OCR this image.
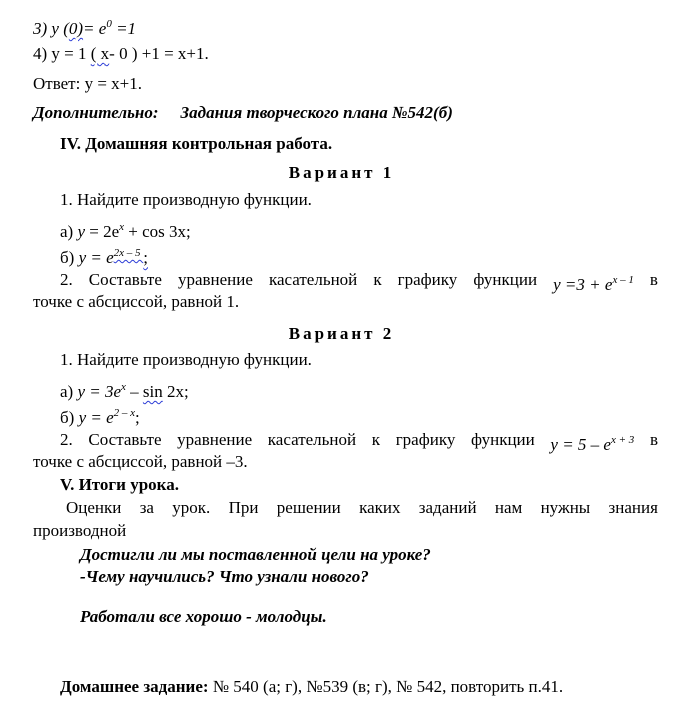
3) y $(0)= e^0 =1$
4) y = 1 ( x- 0 ) +1 = x+1.
Ответ: y = x+1.
Дополнительно: Задания творческого плана №542(б)
IV. Домашняя контрольная работа.
Вариант 1
1. Найдите производную функции.
а) $y = 2e^x + \cos 3x$;
б) $y = e^{2x - 5}$ ;
2. Составьте уравнение касательной к графику функции $y =3 + e^{x - 1}$ в
точке с абсциссой, равной 1.
Вариант 2
1. Найдите производную функции.
а) $y = 3e^x - \sin 2x$;
б) $y = e^{2 - x}$;
2. Составьте уравнение касательной к графику функции $y = 5 - e^{x + 3}$ в
точке с абсциссой, равной –3.
V. Итоги урока.
Оценки за урок. При решении каких заданий нам нужны знания
производной
Достигли ли мы поставленной цели на уроке?
-Чему научились? Что узнали нового?
Работали все хорошо - молодцы.
Домашнее задание: № 540 (а; г), №539 (в; г), № 542, повторить п.41.
